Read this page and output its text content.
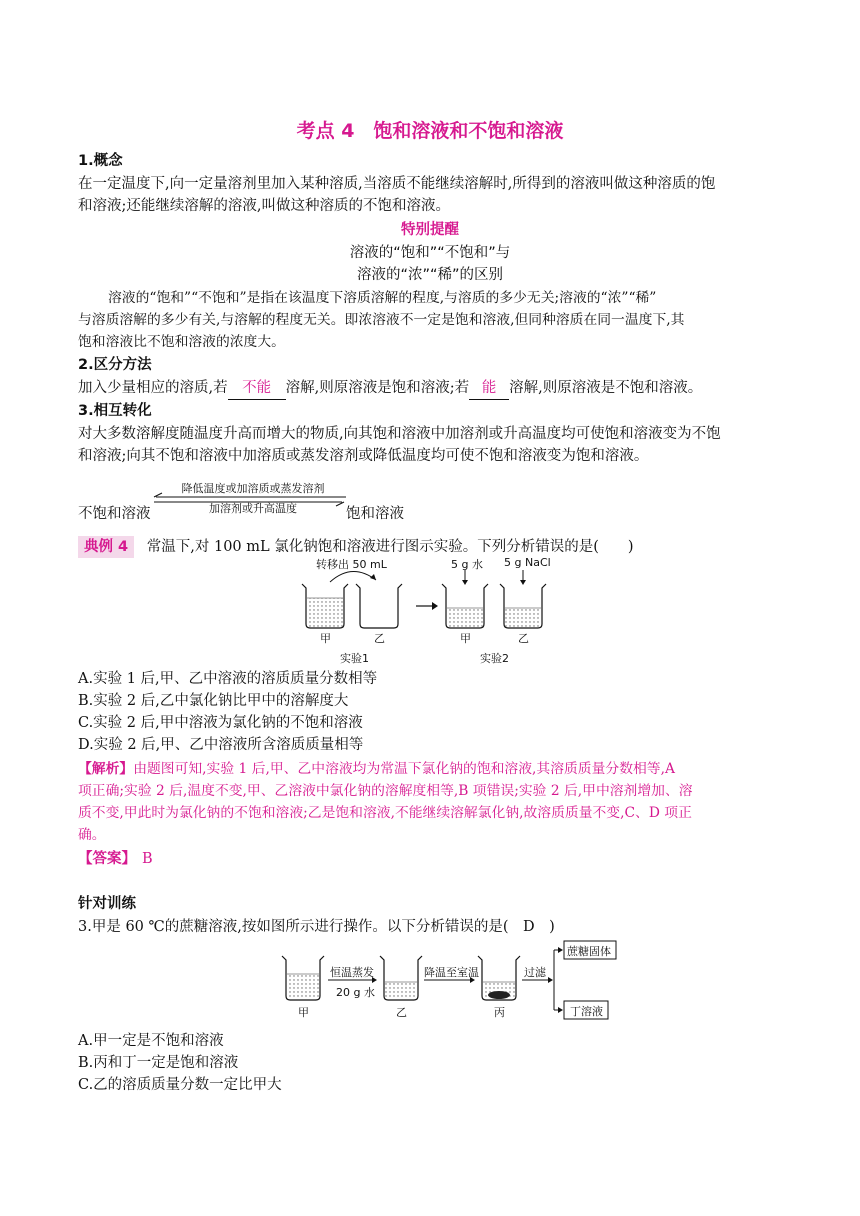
考点 4　饱和溶液和不饱和溶液
1.概念
在一定温度下,向一定量溶剂里加入某种溶质,当溶质不能继续溶解时,所得到的溶液叫做这种溶质的饱
和溶液;还能继续溶解的溶液,叫做这种溶质的不饱和溶液。
特别提醒
溶液的“饱和”“不饱和”与
溶液的“浓”“稀”的区别
溶液的“饱和”“不饱和”是指在该温度下溶质溶解的程度,与溶质的多少无关;溶液的“浓”“稀”
与溶质溶解的多少有关,与溶解的程度无关。即浓溶液不一定是饱和溶液,但同种溶质在同一温度下,其
饱和溶液比不饱和溶液的浓度大。
2.区分方法
加入少量相应的溶质,若 不能 溶解,则原溶液是饱和溶液;若 能 溶解,则原溶液是不饱和溶液。
3.相互转化
对大多数溶解度随温度升高而增大的物质,向其饱和溶液中加溶剂或升高温度均可使饱和溶液变为不饱
和溶液;向其不饱和溶液中加溶质或蒸发溶剂或降低温度均可使不饱和溶液变为饱和溶液。
不饱和溶液	饱和溶液
降低温度或加溶质或蒸发溶剂
加溶剂或升高温度
典例 4 常温下,对 100 mL 氯化钠饱和溶液进行图示实验。下列分析错误的是(　　)
转移出 50 mL	5 g 水 5 g NaCl
甲	乙	甲	乙
实验1	实验2
A.实验 1 后,甲、乙中溶液的溶质质量分数相等
B.实验 2 后,乙中氯化钠比甲中的溶解度大
C.实验 2 后,甲中溶液为氯化钠的不饱和溶液
D.实验 2 后,甲、乙中溶液所含溶质质量相等
【解析】由题图可知,实验 1 后,甲、乙中溶液均为常温下氯化钠的饱和溶液,其溶质质量分数相等,A
项正确;实验 2 后,温度不变,甲、乙溶液中氯化钠的溶解度相等,B 项错误;实验 2 后,甲中溶剂增加、溶
质不变,甲此时为氯化钠的不饱和溶液;乙是饱和溶液,不能继续溶解氯化钠,故溶质质量不变,C、D 项正
确。
【答案】 B
针对训练
3.甲是 60 ℃的蔗糖溶液,按如图所示进行操作。以下分析错误的是(　D　)
恒温蒸发
20 g 水
降温至室温	过滤
蔗糖固体
丁溶液
甲	乙	丙
A.甲一定是不饱和溶液
B.丙和丁一定是饱和溶液
C.乙的溶质质量分数一定比甲大
